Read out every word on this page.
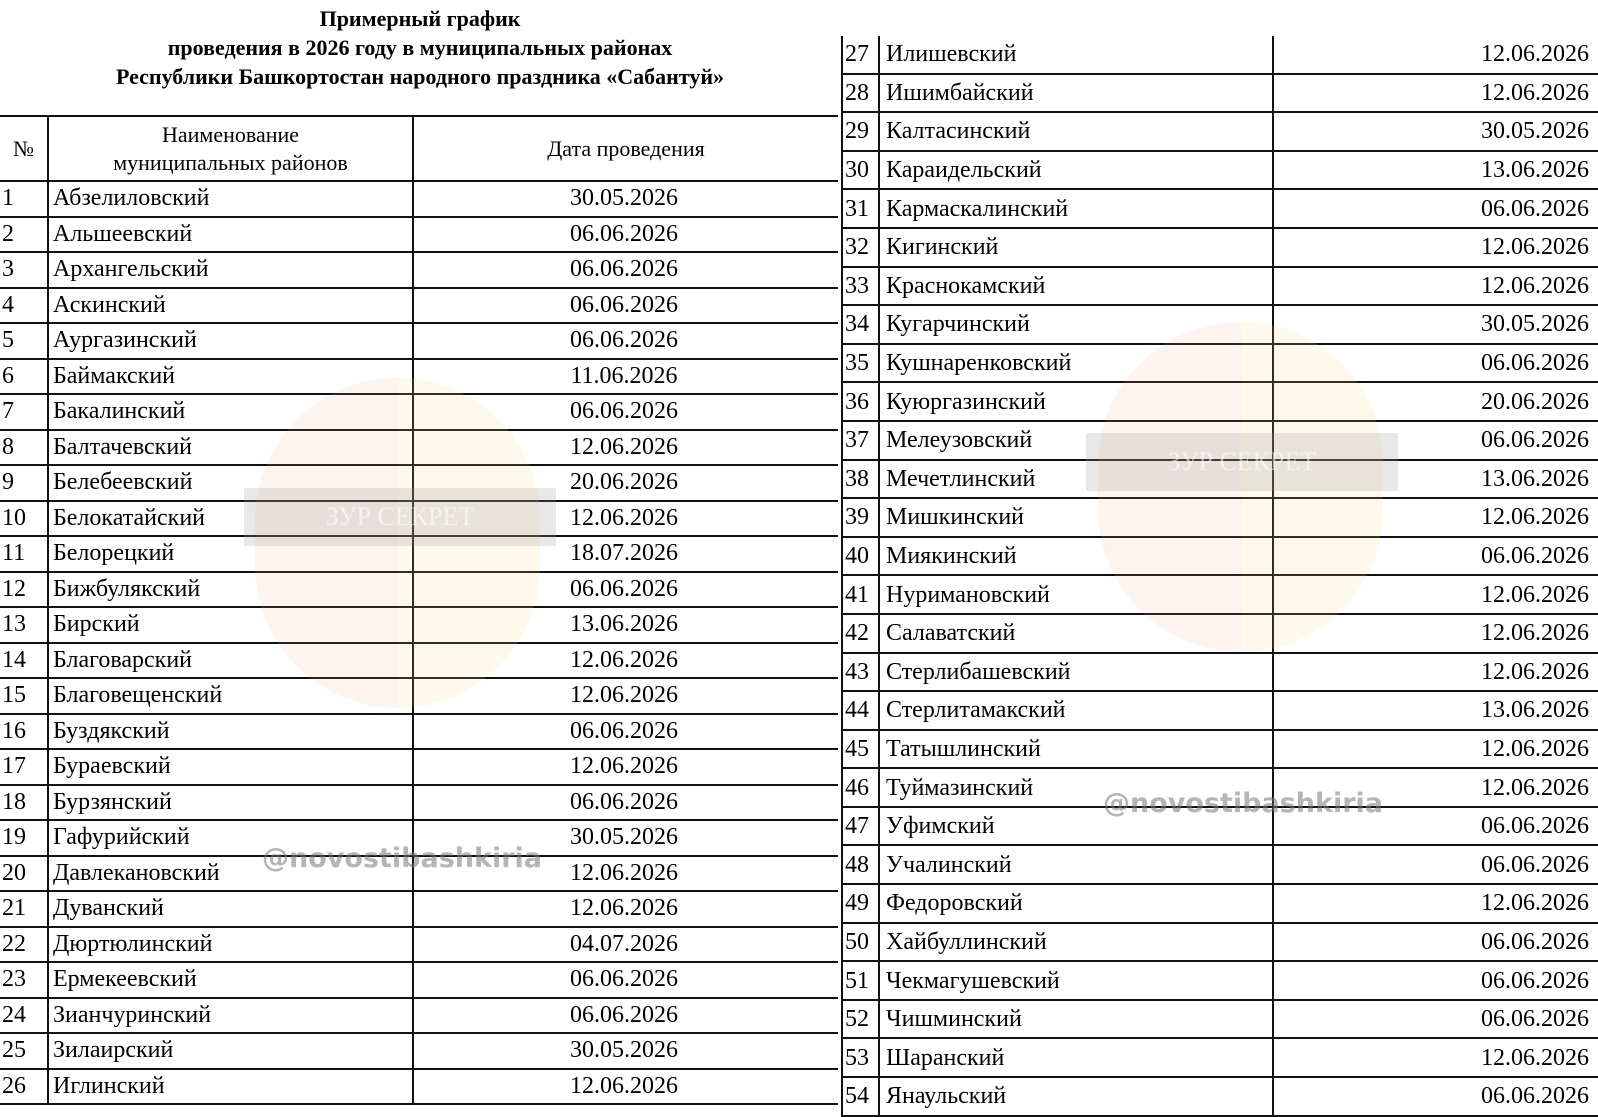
Примерный график
проведения в 2026 году в муниципальных районах
Республики Башкортостан народного праздника «Сабантуй»
№	Наименование муниципальных районов	Дата проведения
1	Абзелиловский	30.05.2026
2	Альшеевский	06.06.2026
3	Архангельский	06.06.2026
4	Аскинский	06.06.2026
5	Аургазинский	06.06.2026
6	Баймакский	11.06.2026
7	Бакалинский	06.06.2026
8	Балтачевский	12.06.2026
9	Белебеевский	20.06.2026
10	Белокатайский	12.06.2026
11	Белорецкий	18.07.2026
12	Бижбулякский	06.06.2026
13	Бирский	13.06.2026
14	Благоварский	12.06.2026
15	Благовещенский	12.06.2026
16	Буздякский	06.06.2026
17	Бураевский	12.06.2026
18	Бурзянский	06.06.2026
19	Гафурийский	30.05.2026
20	Давлекановский	12.06.2026
21	Дуванский	12.06.2026
22	Дюртюлинский	04.07.2026
23	Ермекеевский	06.06.2026
24	Зианчуринский	06.06.2026
25	Зилаирский	30.05.2026
26	Иглинский	12.06.2026
27	Илишевский	12.06.2026
28	Ишимбайский	12.06.2026
29	Калтасинский	30.05.2026
30	Караидельский	13.06.2026
31	Кармаскалинский	06.06.2026
32	Кигинский	12.06.2026
33	Краснокамский	12.06.2026
34	Кугарчинский	30.05.2026
35	Кушнаренковский	06.06.2026
36	Куюргазинский	20.06.2026
37	Мелеузовский	06.06.2026
38	Мечетлинский	13.06.2026
39	Мишкинский	12.06.2026
40	Миякинский	06.06.2026
41	Нуримановский	12.06.2026
42	Салаватский	12.06.2026
43	Стерлибашевский	12.06.2026
44	Стерлитамакский	13.06.2026
45	Татышлинский	12.06.2026
46	Туймазинский	12.06.2026
47	Уфимский	06.06.2026
48	Учалинский	06.06.2026
49	Федоровский	12.06.2026
50	Хайбуллинский	06.06.2026
51	Чекмагушевский	06.06.2026
52	Чишминский	06.06.2026
53	Шаранский	12.06.2026
54	Янаульский	06.06.2026
ЗУР СЕКРЕТ
@novostibashkiria
ЗУР СЕКРЕТ
@novostibashkiria
